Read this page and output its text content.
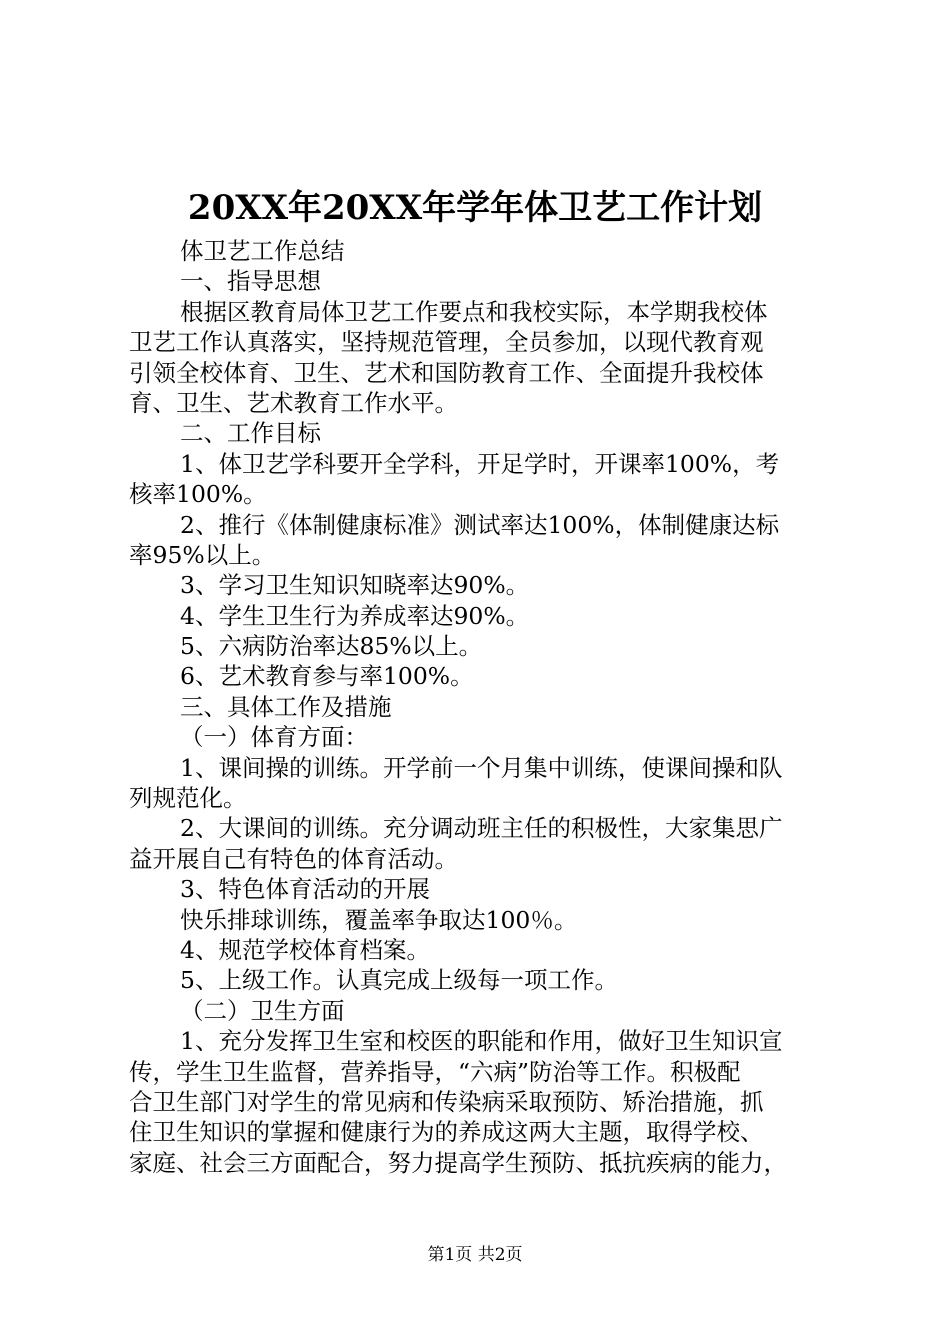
20XX年20XX年学年体卫艺工作计划
体卫艺工作总结
一、指导思想
根据区教育局体卫艺工作要点和我校实际，本学期我校体
卫艺工作认真落实，坚持规范管理，全员参加，以现代教育观
引领全校体育、卫生、艺术和国防教育工作、全面提升我校体
育、卫生、艺术教育工作水平。
二、工作目标
1、体卫艺学科要开全学科，开足学时，开课率100%，考
核率100%。
2、推行《体制健康标准》测试率达100%，体制健康达标
率95%以上。
3、学习卫生知识知晓率达90%。
4、学生卫生行为养成率达90%。
5、六病防治率达85%以上。
6、艺术教育参与率100%。
三、具体工作及措施
（一）体育方面：
1、课间操的训练。开学前一个月集中训练，使课间操和队
列规范化。
2、大课间的训练。充分调动班主任的积极性，大家集思广
益开展自己有特色的体育活动。
3、特色体育活动的开展
快乐排球训练，覆盖率争取达100％。
4、规范学校体育档案。
5、上级工作。认真完成上级每一项工作。
（二）卫生方面
1、充分发挥卫生室和校医的职能和作用，做好卫生知识宣
传，学生卫生监督，营养指导，“六病”防治等工作。积极配
合卫生部门对学生的常见病和传染病采取预防、矫治措施，抓
住卫生知识的掌握和健康行为的养成这两大主题，取得学校、
家庭、社会三方面配合，努力提高学生预防、抵抗疾病的能力，
第1页 共2页
